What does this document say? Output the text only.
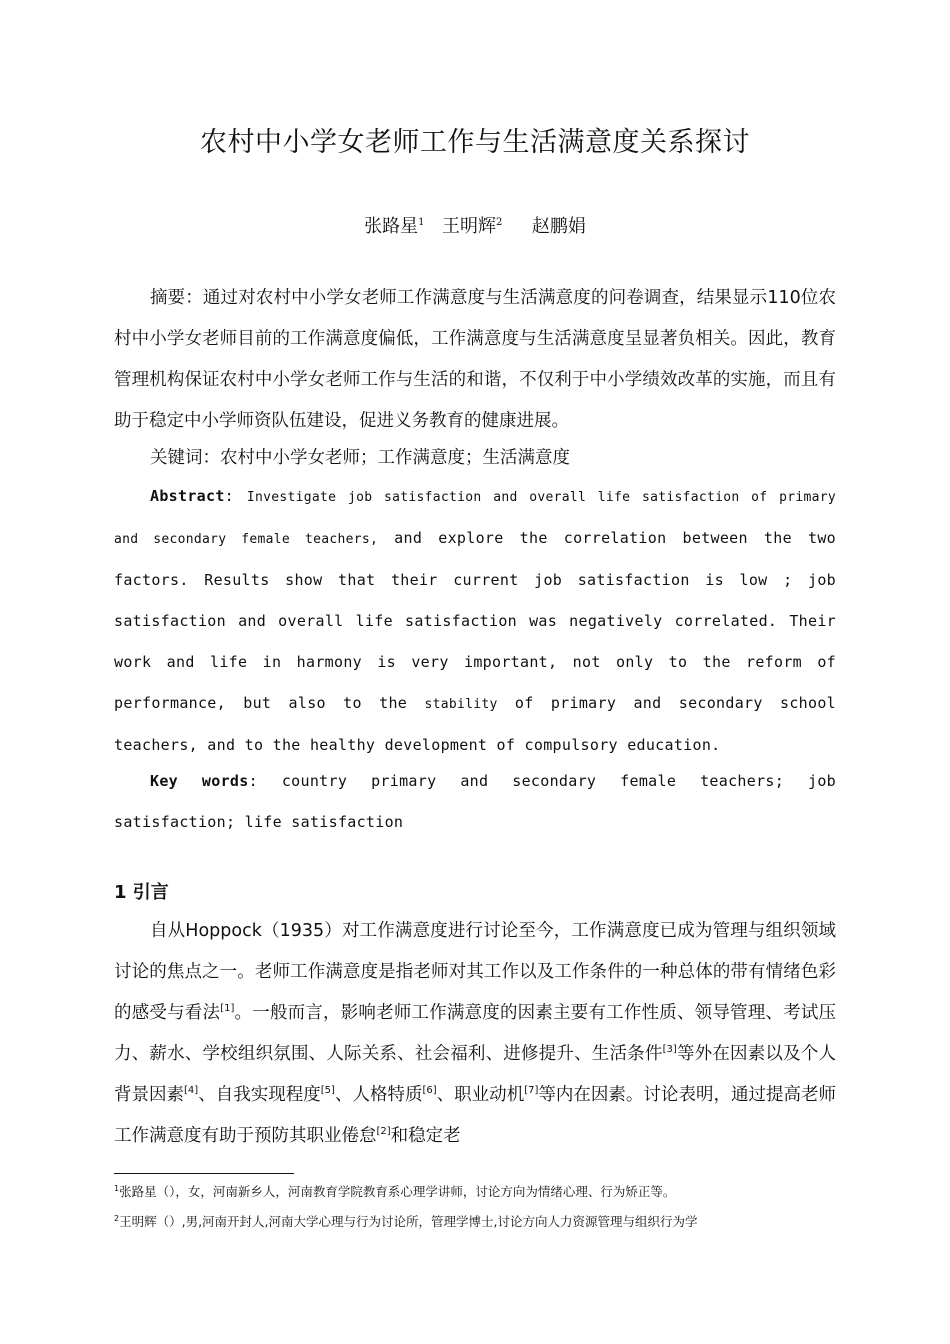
农村中小学女老师工作与生活满意度关系探讨
张路星$^1$ 王明辉$^2$ 赵鹏娟

摘要：通过对农村中小学女老师工作满意度与生活满意度的问卷调查，结果显示110位农村中小学女老师目前的工作满意度偏低，工作满意度与生活满意度呈显著负相关。因此，教育管理机构保证农村中小学女老师工作与生活的和谐，不仅利于中小学绩效改革的实施，而且有助于稳定中小学师资队伍建设，促进义务教育的健康进展。

关键词：农村中小学女老师；工作满意度；生活满意度

Abstract: Investigate job satisfaction and overall life satisfaction of primary and secondary female teachers, and explore the correlation between the two factors. Results show that their current job satisfaction is low ; job satisfaction and overall life satisfaction was negatively correlated. Their work and life in harmony is very important, not only to the reform of performance, but also to the stability of primary and secondary school teachers, and to the healthy development of compulsory education.

Key words: country primary and secondary female teachers; job satisfaction; life satisfaction

1 引言

自从Hoppock（1935）对工作满意度进行讨论至今，工作满意度已成为管理与组织领域讨论的焦点之一。老师工作满意度是指老师对其工作以及工作条件的一种总体的带有情绪色彩的感受与看法[1]。一般而言，影响老师工作满意度的因素主要有工作性质、领导管理、考试压力、薪水、学校组织氛围、人际关系、社会福利、进修提升、生活条件[3]等外在因素以及个人背景因素[4]、自我实现程度[5]、人格特质[6]、职业动机[7]等内在因素。讨论表明，通过提高老师工作满意度有助于预防其职业倦怠[2]和稳定老

$^1$张路星（），女，河南新乡人，河南教育学院教育系心理学讲师，讨论方向为情绪心理、行为矫正等。

$^2$王明辉（）,男,河南开封人,河南大学心理与行为讨论所，管理学博士,讨论方向人力资源管理与组织行为学
